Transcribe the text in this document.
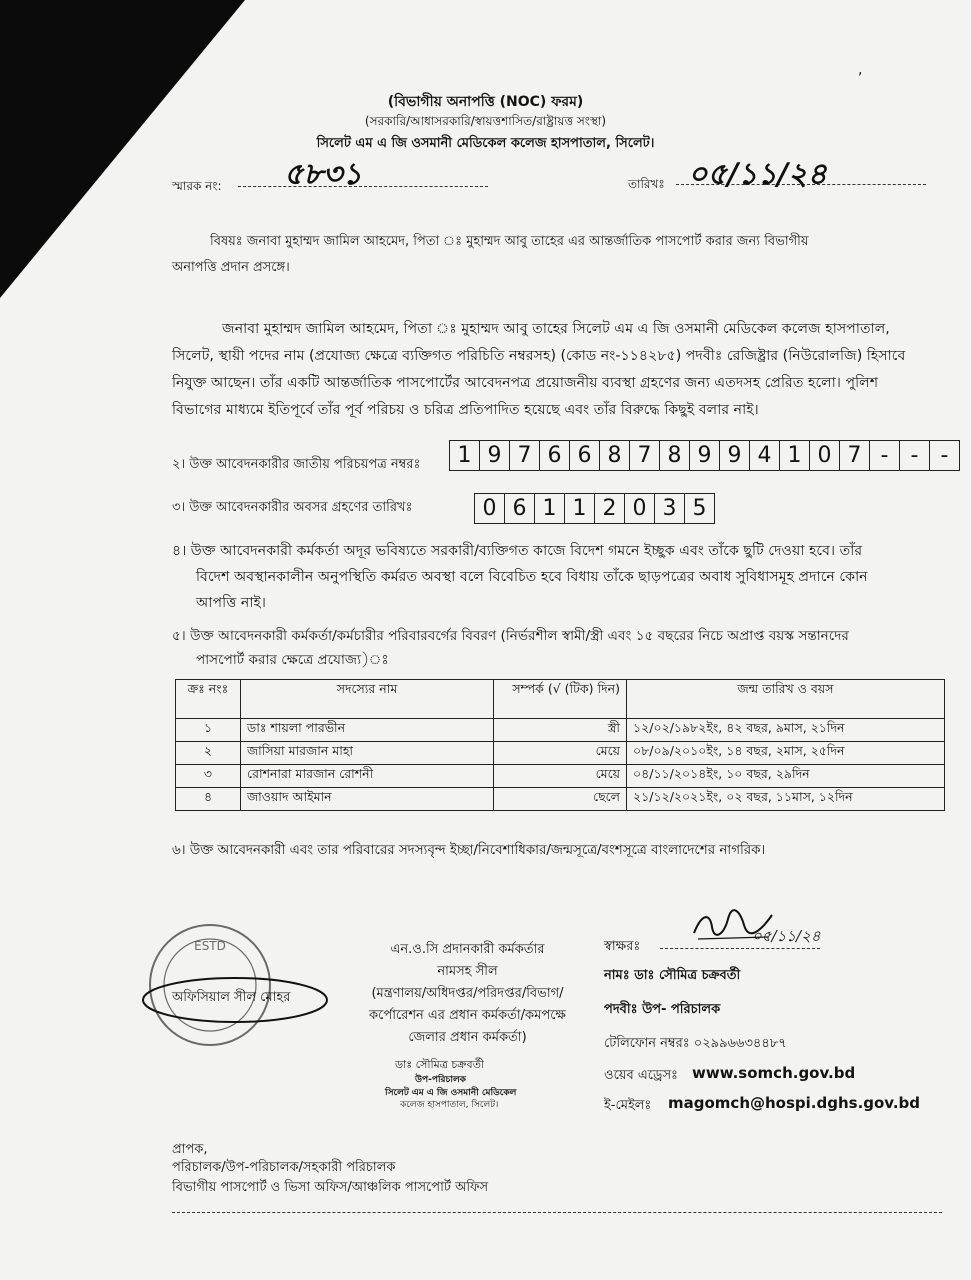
,
(বিভাগীয় অনাপত্তি (NOC) ফরম)
(সরকারি/আধাসরকারি/স্বায়ত্তশাসিত/রাষ্ট্রায়ত্ত সংস্থা)
সিলেট এম এ জি ওসমানী মেডিকেল কলেজ হাসপাতাল, সিলেট।
স্মারক নং: ৫৮৩১	তারিখঃ ০৫/১১/২৪
বিষয়ঃ জনাবা মুহাম্মদ জামিল আহমেদ, পিতা ঃ মুহাম্মদ আবু তাহের এর আন্তর্জাতিক পাসপোর্ট করার জন্য বিভাগীয়
অনাপত্তি প্রদান প্রসঙ্গে।
জনাবা মুহাম্মদ জামিল আহমেদ, পিতা ঃ মুহাম্মদ আবু তাহের সিলেট এম এ জি ওসমানী মেডিকেল কলেজ হাসপাতাল,
সিলেট, স্থায়ী পদের নাম (প্রযোজ্য ক্ষেত্রে ব্যক্তিগত পরিচিতি নম্বরসহ) (কোড নং-১১৪২৮৫) পদবীঃ রেজিষ্ট্রার (নিউরোলজি) হিসাবে
নিযুক্ত আছেন। তাঁর একটি আন্তর্জাতিক পাসপোর্টের আবেদনপত্র প্রয়োজনীয় ব্যবস্থা গ্রহণের জন্য এতদসহ প্রেরিত হলো। পুলিশ
বিভাগের মাধ্যমে ইতিপূর্বে তাঁর পূর্ব পরিচয় ও চরিত্র প্রতিপাদিত হয়েছে এবং তাঁর বিরুদ্ধে কিছুই বলার নাই।
২। উক্ত আবেদনকারীর জাতীয় পরিচয়পত্র নম্বরঃ	1 9 7 6 6 8 7 8 9 9 4 1 0 7 -	-	-
৩। উক্ত আবেদনকারীর অবসর গ্রহণের তারিখঃ	0 6 1 1 2 0 3 5
৪। উক্ত আবেদনকারী কর্মকর্তা অদূর ভবিষ্যতে সরকারী/ব্যক্তিগত কাজে বিদেশ গমনে ইচ্ছুক এবং তাঁকে ছুটি দেওয়া হবে। তাঁর
বিদেশ অবস্থানকালীন অনুপস্থিতি কর্মরত অবস্থা বলে বিবেচিত হবে বিধায় তাঁকে ছাড়পত্রের অবাধ সুবিধাসমূহ প্রদানে কোন
আপত্তি নাই।
৫। উক্ত আবেদনকারী কর্মকর্তা/কর্মচারীর পরিবারবর্গের বিবরণ (নির্ভরশীল স্বামী/স্ত্রী এবং ১৫ বছরের নিচে অপ্রাপ্ত বয়স্ক সন্তানদের
পাসপোর্ট করার ক্ষেত্রে প্রযোজ্য)ঃ
ক্রঃ নংঃ	সদস্যের নাম	সম্পর্ক (√ (টিক) দিন)	জন্ম তারিখ ও বয়স
১	ডাঃ শায়লা পারভীন	স্ত্রী	১২/০২/১৯৮২ইং, ৪২ বছর, ৯মাস, ২১দিন
২	জাসিয়া মারজান মাহা	মেয়ে	০৮/০৯/২০১০ইং, ১৪ বছর, ২মাস, ২৫দিন
৩	রোশনারা মারজান রোশনী	মেয়ে	০৪/১১/২০১৪ইং, ১০ বছর, ২৯দিন
৪	জাওয়াদ আইমান	ছেলে	২১/১২/২০২১ইং, ০২ বছর, ১১মাস, ১২দিন
৬। উক্ত আবেদনকারী এবং তার পরিবারের সদস্যবৃন্দ ইচ্ছা/নিবেশাধিকার/জন্মসূত্রে/বংশসূত্রে বাংলাদেশের নাগরিক।
ESTD
অফিসিয়াল সীল মোহর
এন.ও.সি প্রদানকারী কর্মকর্তার
নামসহ সীল
(মন্ত্রণালয়/অধিদপ্তর/পরিদপ্তর/বিভাগ/
কর্পোরেশন এর প্রধান কর্মকর্তা/কমপক্ষে
জেলার প্রধান কর্মকর্তা)
ডাঃ সৌমিত্র চক্রবর্তী
উপ-পরিচালক
সিলেট এম এ জি ওসমানী মেডিকেল
কলেজ হাসপাতাল, সিলেট।
স্বাক্ষরঃ
০৫/১১/২৪
নামঃ ডাঃ সৌমিত্র চক্রবর্তী
পদবীঃ উপ- পরিচালক
টেলিফোন নম্বরঃ ০২৯৯৬৬৩৪৪৮৭
ওয়েব এড্রেসঃ www.somch.gov.bd
ই-মেইলঃ magomch@hospi.dghs.gov.bd
প্রাপক,
পরিচালক/উপ-পরিচালক/সহকারী পরিচালক
বিভাগীয় পাসপোর্ট ও ভিসা অফিস/আঞ্চলিক পাসপোর্ট অফিস
